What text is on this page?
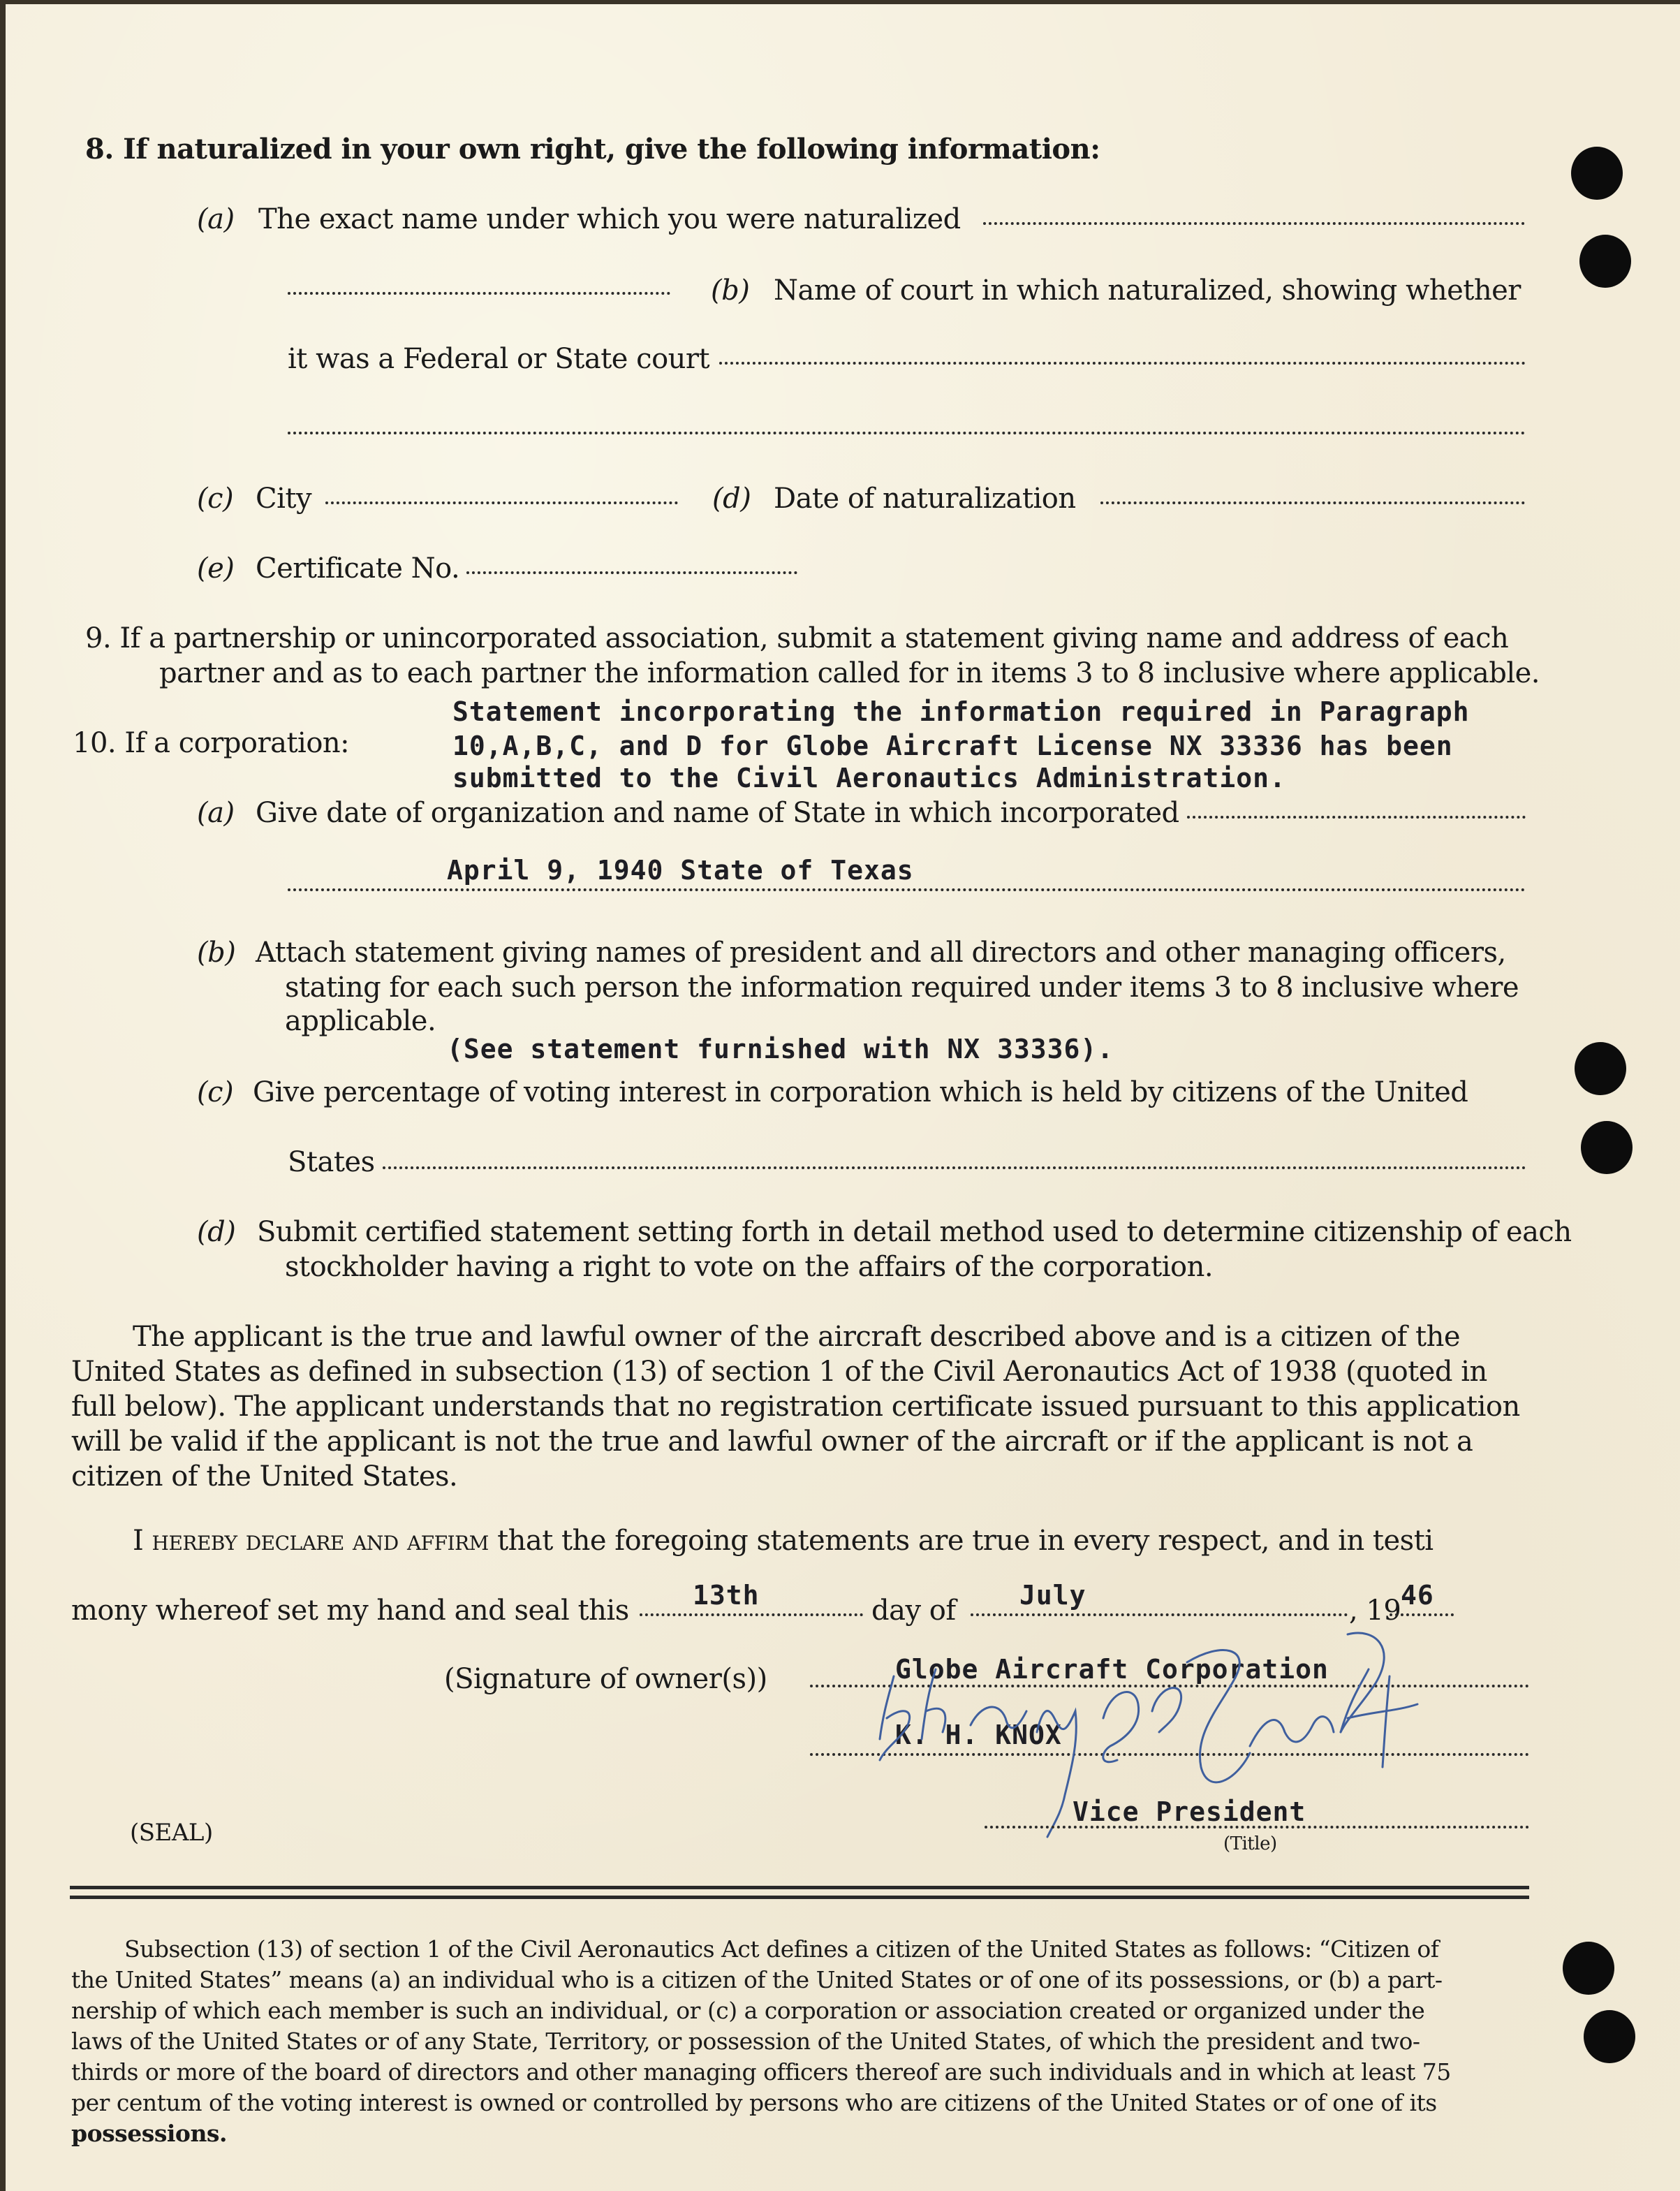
8. If naturalized in your own right, give the following information:
(a) The exact name under which you were naturalized
(b) Name of court in which naturalized, showing whether
it was a Federal or State court
(c) City	(d) Date of naturalization
(e) Certificate No.
9. If a partnership or unincorporated association, submit a statement giving name and address of each
partner and as to each partner the information called for in items 3 to 8 inclusive where applicable.
Statement incorporating the information required in Paragraph
10. If a corporation:	10,A,B,C, and D for Globe Aircraft License NX 33336 has been
submitted to the Civil Aeronautics Administration.
(a) Give date of organization and name of State in which incorporated
April 9, 1940 State of Texas
(b) Attach statement giving names of president and all directors and other managing officers,
stating for each such person the information required under items 3 to 8 inclusive where
applicable.
(See statement furnished with NX 33336).
(c) Give percentage of voting interest in corporation which is held by citizens of the United
States
(d) Submit certified statement setting forth in detail method used to determine citizenship of each
stockholder having a right to vote on the affairs of the corporation.
The applicant is the true and lawful owner of the aircraft described above and is a citizen of the
United States as defined in subsection (13) of section 1 of the Civil Aeronautics Act of 1938 (quoted in
full below). The applicant understands that no registration certificate issued pursuant to this application
will be valid if the applicant is not the true and lawful owner of the aircraft or if the applicant is not a
citizen of the United States.
I hereby declare and affirm that the foregoing statements are true in every respect, and in testi
mony whereof set my hand and seal this 13th	day of July	, 19 46
(Signature of owner(s))	Globe Aircraft Corporation
K. H. KNOX
(SEAL)
Vice President
(Title)
Subsection (13) of section 1 of the Civil Aeronautics Act defines a citizen of the United States as follows: “Citizen of
the United States” means (a) an individual who is a citizen of the United States or of one of its possessions, or (b) a part-
nership of which each member is such an individual, or (c) a corporation or association created or organized under the
laws of the United States or of any State, Territory, or possession of the United States, of which the president and two-
thirds or more of the board of directors and other managing officers thereof are such individuals and in which at least 75
per centum of the voting interest is owned or controlled by persons who are citizens of the United States or of one of its
possessions.
